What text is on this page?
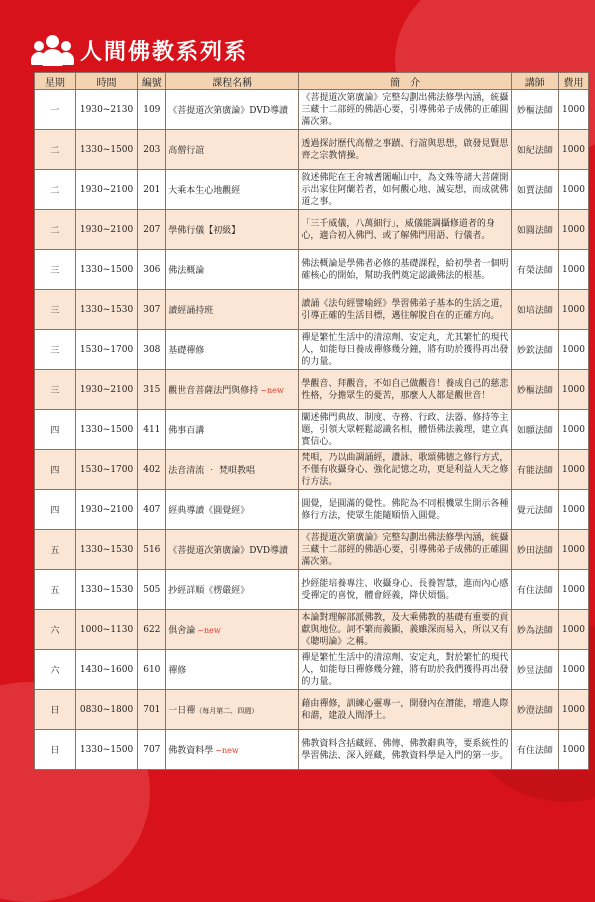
人間佛教系列系
星期	時間	編號	課程名稱	簡　介	講師	費用
一	1930~2130	109	《菩提道次第廣論》DVD導讀	《菩提道次第廣論》完整勾劃出佛法修學內涵，統攝三藏十二部經的佛語心要，引導佛弟子成佛的正確圓滿次第。	妙樞法師	1000
二	1330~1500	203	高僧行誼	透過探討歷代高僧之事蹟、行誼與思想，啟發見賢思齊之宗教情操。	如紀法師	1000
二	1930~2100	201	大乘本生心地觀經	敘述佛陀在王舍城耆闍崛山中，為文殊等諸大菩薩開示出家住阿蘭若者，如何觀心地、滅妄想，而成就佛道之事。	如賈法師	1000
二	1930~2100	207	學佛行儀【初級】	「三千威儀，八萬細行」，威儀能調攝修道者的身心，適合初入佛門、或了解佛門用語、行儀者。	如圓法師	1000
三	1330~1500	306	佛法概論	佛法概論是學佛者必修的基礎課程，給初學者一個明確核心的開始，幫助我們奠定認識佛法的根基。	有榮法師	1000
三	1330~1530	307	讀經誦持班	讀誦《法句經譬喻經》學習佛弟子基本的生活之道，引導正確的生活目標，邁往解脫自在的正確方向。	如培法師	1000
三	1530~1700	308	基礎禪修	禪是繁忙生活中的清涼劑、安定丸，尤其繁忙的現代人，如能每日養成禪修幾分鐘，將有助於獲得再出發的力量。	妙欽法師	1000
三	1930~2100	315	觀世音菩薩法門與修持 ~new	學觀音、拜觀音，不如自己做觀音！養成自己的慈悲性格，分擔眾生的憂苦，那麼人人都是觀世音！	妙樞法師	1000
四	1330~1500	411	佛事百講	闡述佛門典故、制度、寺務、行政、法器、修持等主題，引領大眾輕鬆認識名相，體悟佛法義理，建立真實信心。	如願法師	1000
四	1530~1700	402	法音清流 ‧ 梵唄教唱	梵唄，乃以曲調誦經，讚詠、歌頌佛德之修行方式，不僅有收攝身心、強化記憶之功，更是利益人天之修行方法。	有能法師	1000
四	1930~2100	407	經典導讀《圓覺經》	圓覺，是圓滿的覺性。佛陀為不同根機眾生開示各種修行方法，使眾生能隨順悟入圓覺。	覺元法師	1000
五	1330~1530	516	《菩提道次第廣論》DVD導讀	《菩提道次第廣論》完整勾劃出佛法修學內涵，統攝三藏十二部經的佛語心要，引導佛弟子成佛的正確圓滿次第。	妙田法師	1000
五	1330~1530	505	抄經詳順《楞嚴經》	抄經能培養專注、收攝身心、長養智慧，進而內心感受禪定的喜悅，體會經義，降伏煩惱。	有住法師	1000
六	1000~1130	622	俱舍論 ~new	本論對理解部派佛教，及大乘佛教的基礎有重要的貢獻與地位。詞不繁而義顯，義雖深而易入，所以又有《聰明論》之稱。	妙為法師	1000
六	1430~1600	610	禪修	禪是繁忙生活中的清涼劑、安定丸，對於繁忙的現代人，如能每日禪修幾分鐘，將有助於我們獲得再出發的力量。	妙昱法師	1000
日	0830~1800	701	一日禪（每月第二、四週）	藉由禪修，訓練心靈專一，開發內在潛能，增進人際和諧，建設人間淨土。	妙澄法師	1000
日	1330~1500	707	佛教資料學 ~new	佛教資料含括藏經、佛傳、佛教辭典等，要系統性的學習佛法、深入經藏，佛教資料學是入門的第一步。	有住法師	1000
